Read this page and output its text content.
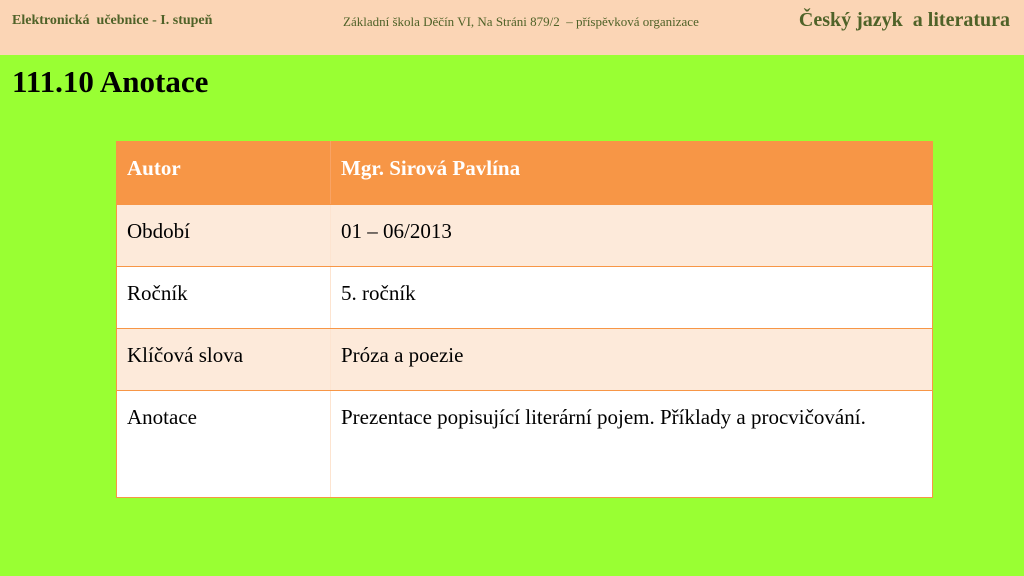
Elektronická  učebnice - I. stupeň	Základní škola Děčín VI, Na Stráni 879/2  – příspěvková organizace	Český jazyk  a literatura
111.10 Anotace
Autor	Mgr. Sirová Pavlína
Období	01 – 06/2013
Ročník	5. ročník
Klíčová slova	Próza a poezie
Anotace	Prezentace popisující literární pojem. Příklady a procvičování.
